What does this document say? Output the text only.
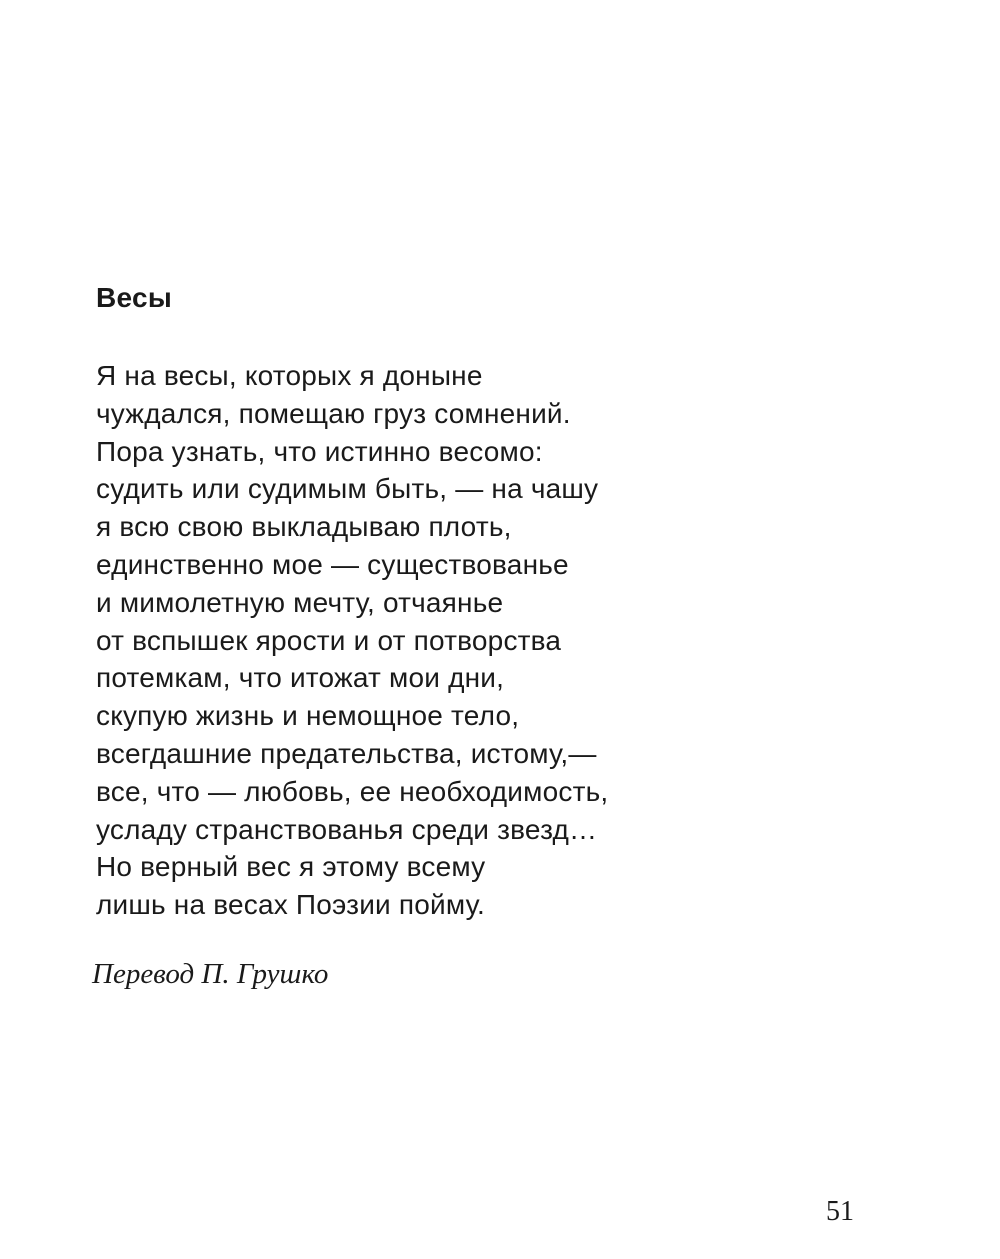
Весы
Я на весы, которых я доныне
чуждался, помещаю груз сомнений.
Пора узнать, что истинно весомо:
судить или судимым быть, — на чашу
я всю свою выкладываю плоть,
единственно мое — существованье
и мимолетную мечту, отчаянье
от вспышек ярости и от потворства
потемкам, что итожат мои дни,
скупую жизнь и немощное тело,
всегдашние предательства, истому,—
все, что — любовь, ее необходимость,
усладу странствованья среди звезд…
Но верный вес я этому всему
лишь на весах Поэзии пойму.

Перевод П. Грушко

51
